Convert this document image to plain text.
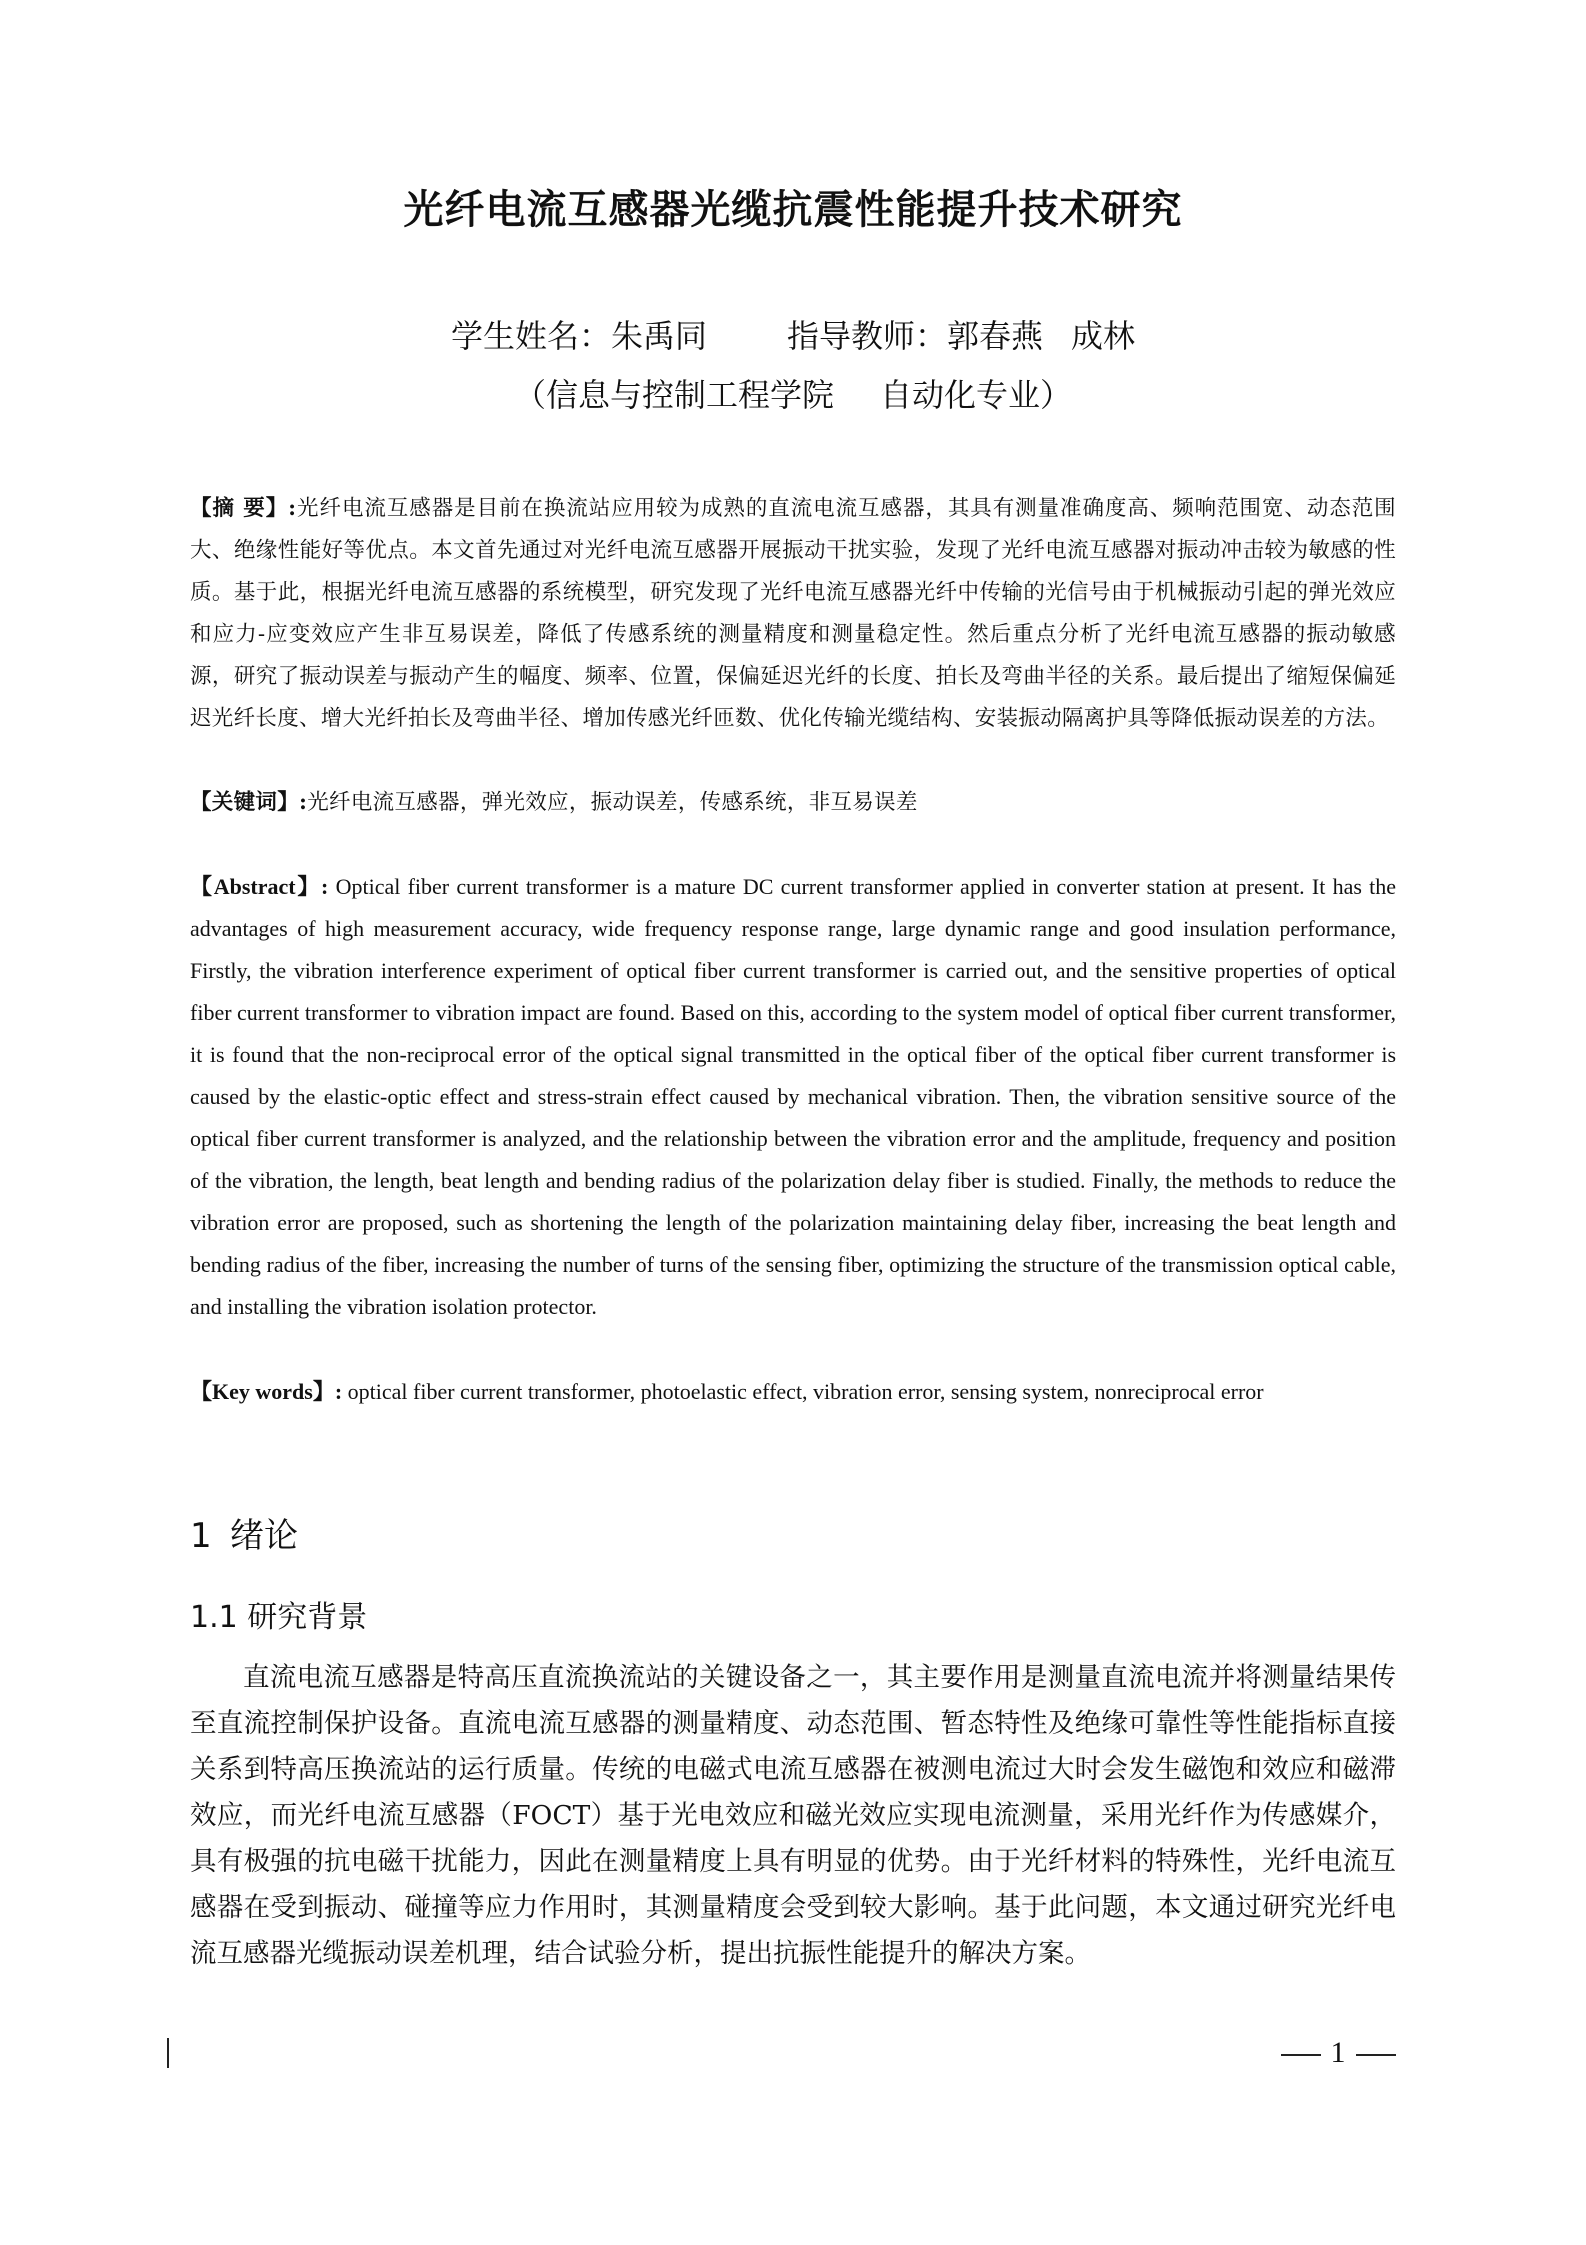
光纤电流互感器光缆抗震性能提升技术研究
学生姓名：朱禹同	指导教师：郭春燕 成林
（信息与控制工程学院 自动化专业）
【摘 要】:光纤电流互感器是目前在换流站应用较为成熟的直流电流互感器，其具有测量准确度高、频响范围宽、动态范围大、绝缘性能好等优点。本文首先通过对光纤电流互感器开展振动干扰实验，发现了光纤电流互感器对振动冲击较为敏感的性质。基于此，根据光纤电流互感器的系统模型，研究发现了光纤电流互感器光纤中传输的光信号由于机械振动引起的弹光效应和应力-应变效应产生非互易误差，降低了传感系统的测量精度和测量稳定性。然后重点分析了光纤电流互感器的振动敏感源，研究了振动误差与振动产生的幅度、频率、位置，保偏延迟光纤的长度、拍长及弯曲半径的关系。最后提出了缩短保偏延迟光纤长度、增大光纤拍长及弯曲半径、增加传感光纤匝数、优化传输光缆结构、安装振动隔离护具等降低振动误差的方法。
【关键词】:光纤电流互感器，弹光效应，振动误差，传感系统，非互易误差
【Abstract】: Optical fiber current transformer is a mature DC current transformer applied in converter station at present. It has the advantages of high measurement accuracy, wide frequency response range, large dynamic range and good insulation performance, Firstly, the vibration interference experiment of optical fiber current transformer is carried out, and the sensitive properties of optical fiber current transformer to vibration impact are found. Based on this, according to the system model of optical fiber current transformer, it is found that the non-reciprocal error of the optical signal transmitted in the optical fiber of the optical fiber current transformer is caused by the elastic-optic effect and stress-strain effect caused by mechanical vibration. Then, the vibration sensitive source of the optical fiber current transformer is analyzed, and the relationship between the vibration error and the amplitude, frequency and position of the vibration, the length, beat length and bending radius of the polarization delay fiber is studied. Finally, the methods to reduce the vibration error are proposed, such as shortening the length of the polarization maintaining delay fiber, increasing the beat length and bending radius of the fiber, increasing the number of turns of the sensing fiber, optimizing the structure of the transmission optical cable, and installing the vibration isolation protector.
【Key words】: optical fiber current transformer, photoelastic effect, vibration error, sensing system, nonreciprocal error
1 绪论
1.1 研究背景
直流电流互感器是特高压直流换流站的关键设备之一，其主要作用是测量直流电流并将测量结果传至直流控制保护设备。直流电流互感器的测量精度、动态范围、暂态特性及绝缘可靠性等性能指标直接关系到特高压换流站的运行质量。传统的电磁式电流互感器在被测电流过大时会发生磁饱和效应和磁滞效应，而光纤电流互感器（FOCT）基于光电效应和磁光效应实现电流测量，采用光纤作为传感媒介，具有极强的抗电磁干扰能力，因此在测量精度上具有明显的优势。由于光纤材料的特殊性，光纤电流互感器在受到振动、碰撞等应力作用时，其测量精度会受到较大影响。基于此问题，本文通过研究光纤电流互感器光缆振动误差机理，结合试验分析，提出抗振性能提升的解决方案。
1
